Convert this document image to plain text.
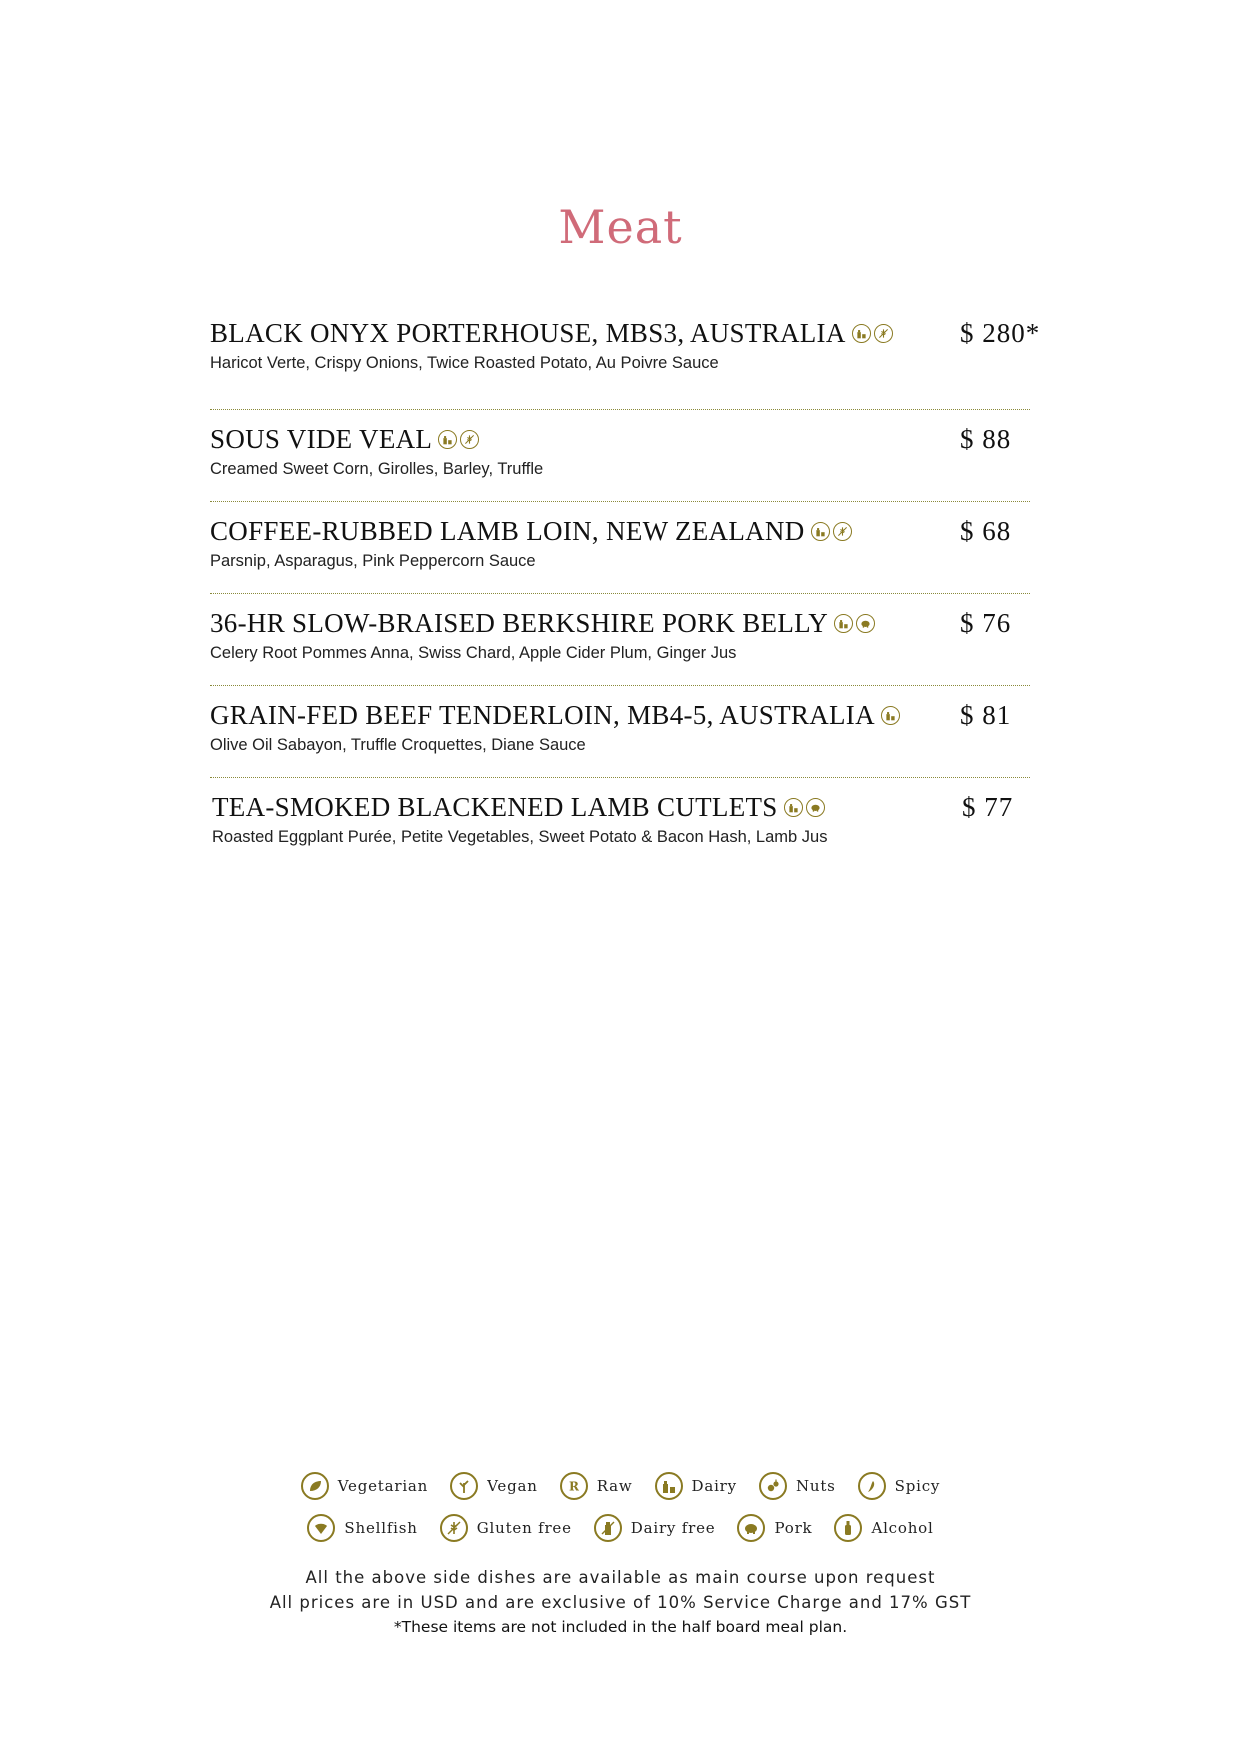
Meat
BLACK ONYX PORTERHOUSE, MBS3, AUSTRALIA	$ 280*
Haricot Verte, Crispy Onions, Twice Roasted Potato, Au Poivre Sauce
SOUS VIDE VEAL	$ 88
Creamed Sweet Corn, Girolles, Barley, Truffle
COFFEE-RUBBED LAMB LOIN, NEW ZEALAND	$ 68
Parsnip, Asparagus, Pink Peppercorn Sauce
36-HR SLOW-BRAISED BERKSHIRE PORK BELLY	$ 76
Celery Root Pommes Anna, Swiss Chard, Apple Cider Plum, Ginger Jus
GRAIN-FED BEEF TENDERLOIN, MB4-5, AUSTRALIA	$ 81
Olive Oil Sabayon, Truffle Croquettes, Diane Sauce
TEA-SMOKED BLACKENED LAMB CUTLETS	$ 77
Roasted Eggplant Purée, Petite Vegetables, Sweet Potato & Bacon Hash, Lamb Jus
Vegetarian	Vegan	R Raw	Dairy	Nuts	Spicy
Shellfish	Gluten free	Dairy free	Pork	Alcohol
All the above side dishes are available as main course upon request
All prices are in USD and are exclusive of 10% Service Charge and 17% GST
*These items are not included in the half board meal plan.
